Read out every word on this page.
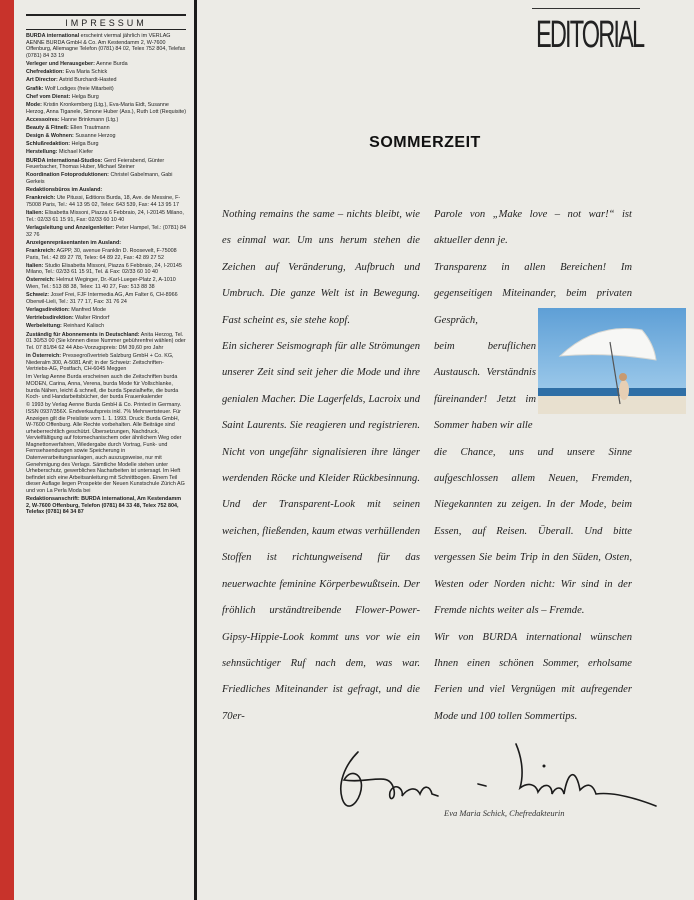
IMPRESSUM

BURDA international erscheint viermal jährlich im VERLAG AENNE BURDA GmbH & Co. Am Kestendamm 2, W-7600 Offenburg, Allemagne Telefon (0781) 84 02, Telex 752 804, Telefax (0781) 84 33 19

Verleger und Herausgeber: Aenne Burda

Chefredaktion: Eva Maria Schick

Art Director: Astrid Burchardt-Hasted

Grafik: Wolf Lodiges (freie Mitarbeit)

Chef vom Dienst: Helga Burg

Mode: Kristin Kronkemberg (Ltg.), Eva-Maria Eidt, Susanne Herzog, Anna Tiganele, Simone Huber (Ass.), Ruth Lott (Requisite)

Accessoires: Hanne Brinkmann (Ltg.)

Beauty & Fitneß: Ellen Trautmann

Design & Wohnen: Susanne Herzog

Schlußredaktion: Helga Burg

Herstellung: Michael Kiefer

BURDA international-Studios: Gerd Feierabend, Günter Feuerbacher, Thomas Huber, Michael Steiner

Koordination Fotoproduktionen: Christel Gabelmann, Gabi Gerkeis

Redaktionsbüros im Ausland:

Frankreich: Ute Pitussi, Editions Burda, 18, Ave. de Messine, F-75008 Paris, Tel.: 44 13 95 02, Telex: 643 539, Fax: 44 13 95 17

Italien: Elisabetta Missoni, Piazza 6 Febbraio, 24, I-20145 Milano, Tel.: 02/33 61 15 91, Fax: 02/33 60 10 40

Verlagsleitung und Anzeigenleiter: Peter Hampel, Tel.: (0781) 84 32 76

Anzeigenrepräsentanten im Ausland:

Frankreich: AGPP, 30, avenue Franklin D. Roosevelt, F-75008 Paris, Tel.: 42 89 27 78, Telex: 64 89 22, Fax: 42 89 27 52

Italien: Studio Elisabetta Missoni, Piazza 6 Febbraio, 24, I-20145 Milano, Tel.: 02/33 61 15 91, Tel. & Fax: 02/33 60 10 40

Österreich: Helmut Weginger, Dr.-Karl-Lueger-Platz 2, A-1010 Wien, Tel.: 513 88 38, Telex: 11 40 27, Fax: 513 88 38

Schweiz: Josef Frei, FJF Intermedia AG, Am Falter 6, CH-8966 Oberwil-Lieli, Tel.: 31 77 17, Fax: 31 76 24

Verlagsdirektion: Manfred Mode

Vertriebsdirektion: Walter Rindorf

Werbeleitung: Reinhard Kalisch

Zuständig für Abonnements in Deutschland: Anita Herzog, Tel. 01 30/53 00 (Sie können diese Nummer gebührenfrei wählen) oder Tel. 07 81/84 62 44 Abo-Vorzugspreis: DM 39,60 pro Jahr

in Österreich: Pressegroßvertrieb Salzburg GmbH + Co. KG, Niederalm 300, A-5081 Anif; in der Schweiz: Zeitschriften-Vertriebs-AG, Postfach, CH-6045 Meggen

Im Verlag Aenne Burda erscheinen auch die Zeitschriften burda MODEN, Carina, Anna, Verena, burda Mode für Vollschlanke, burda Nähen, leicht & schnell, die burda Spezialhefte, die burda Koch- und Handarbeitsbücher, der burda Frauenkalender

© 1993 by Verlag Aenne Burda GmbH & Co. Printed in Germany. ISSN 0937/356X. Endverkaufspreis inkl. 7% Mehrwertsteuer. Für Anzeigen gilt die Preisliste vom 1. 1. 1993. Druck: Burda GmbH, W-7600 Offenburg. Alle Rechte vorbehalten. Alle Beiträge sind urheberrechtlich geschützt. Übersetzungen, Nachdruck, Vervielfältigung auf fotomechanischem oder ähnlichem Weg oder Magnettonverfahren, Wiedergabe durch Vortrag, Funk- und Fernsehsendungen sowie Speicherung in Datenverarbeitungsanlagen, auch auszugsweise, nur mit Genehmigung des Verlags. Sämtliche Modelle stehen unter Urheberschutz, gewerbliches Nacharbeiten ist untersagt. Im Heft befindet sich eine Arbeitsanleitung mit Schnittbogen. Einem Teil dieser Auflage liegen Prospekte der Neuen Kunstschule Zürich AG und von La Perla Moda bei

Redaktionsanschrift: BURDA international, Am Kestendamm 2, W-7600 Offenburg, Telefon (0781) 84 33 48, Telex 752 804, Telefax (0781) 84 34 87

EDITORIAL
SOMMERZEIT

Nothing remains the same – nichts bleibt, wie es einmal war. Um uns herum stehen die Zeichen auf Veränderung, Aufbruch und Umbruch. Die ganze Welt ist in Bewegung. Fast scheint es, sie stehe kopf.

Ein sicherer Seismograph für alle Strömungen unserer Zeit sind seit jeher die Mode und ihre genialen Macher. Die Lagerfelds, Lacroix und Saint Laurents. Sie reagieren und registrieren. Nicht von ungefähr signalisieren ihre länger werdenden Röcke und Kleider Rückbesinnung. Und der Transparent-Look mit seinen weichen, fließenden, kaum etwas verhüllenden Stoffen ist richtungweisend für das neuerwachte feminine Körperbewußtsein. Der fröhlich urständtreibende Flower-Power-Gipsy-Hippie-Look kommt uns vor wie ein sehnsüchtiger Ruf nach dem, was war. Friedliches Miteinander ist gefragt, und die 70er-

Parole von „Make love – not war!“ ist aktueller denn je.

Transparenz in allen Bereichen! Im gegenseitigen Miteinander, beim privaten Gespräch,

beim beruflichen Austausch. Verständnis füreinander! Jetzt im Sommer haben wir alle

die Chance, uns und unsere Sinne aufgeschlossen allem Neuen, Fremden, Niegekannten zu zeigen. In der Mode, beim Essen, auf Reisen. Überall. Und bitte vergessen Sie beim Trip in den Süden, Osten, Westen oder Norden nicht: Wir sind in der Fremde nichts weiter als – Fremde.

Wir von BURDA international wünschen Ihnen einen schönen Sommer, erholsame Ferien und viel Vergnügen mit aufregender Mode und 100 tollen Sommertips.

Eva Maria Schick, Chefredakteurin
